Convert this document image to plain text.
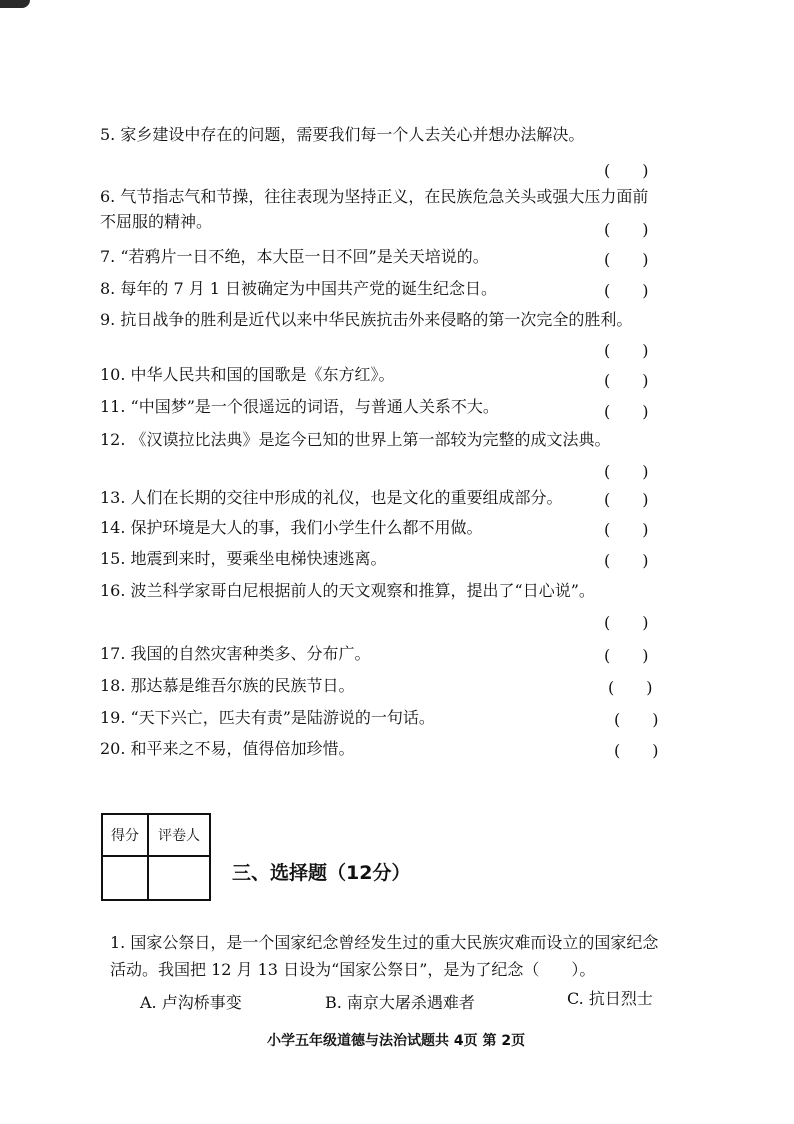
5. 家乡建设中存在的问题，需要我们每一个人去关心并想办法解决。
(　　)
6. 气节指志气和节操，往往表现为坚持正义，在民族危急关头或强大压力面前
不屈服的精神。	(　　)
7. “若鸦片一日不绝，本大臣一日不回”是关天培说的。	(　　)
8. 每年的 7 月 1 日被确定为中国共产党的诞生纪念日。	(　　)
9. 抗日战争的胜利是近代以来中华民族抗击外来侵略的第一次完全的胜利。
(　　)
10. 中华人民共和国的国歌是《东方红》。	(　　)
11. “中国梦”是一个很遥远的词语，与普通人关系不大。	(　　)
12. 《汉谟拉比法典》是迄今已知的世界上第一部较为完整的成文法典。
(　　)
13. 人们在长期的交往中形成的礼仪，也是文化的重要组成部分。	(　　)
14. 保护环境是大人的事，我们小学生什么都不用做。	(　　)
15. 地震到来时，要乘坐电梯快速逃离。	(　　)
16. 波兰科学家哥白尼根据前人的天文观察和推算，提出了“日心说”。
(　　)
17. 我国的自然灾害种类多、分布广。	(　　)
18. 那达慕是维吾尔族的民族节日。	(　　)
19. “天下兴亡，匹夫有责”是陆游说的一句话。	(　　)
20. 和平来之不易，值得倍加珍惜。	(　　)
得分	评卷人
三、选择题（12分）
1. 国家公祭日，是一个国家纪念曾经发生过的重大民族灾难而设立的国家纪念
活动。我国把 12 月 13 日设为“国家公祭日”，是为了纪念（　　）。
A. 卢沟桥事变	B. 南京大屠杀遇难者	C. 抗日烈士
小学五年级道德与法治试题共 4页 第 2页
